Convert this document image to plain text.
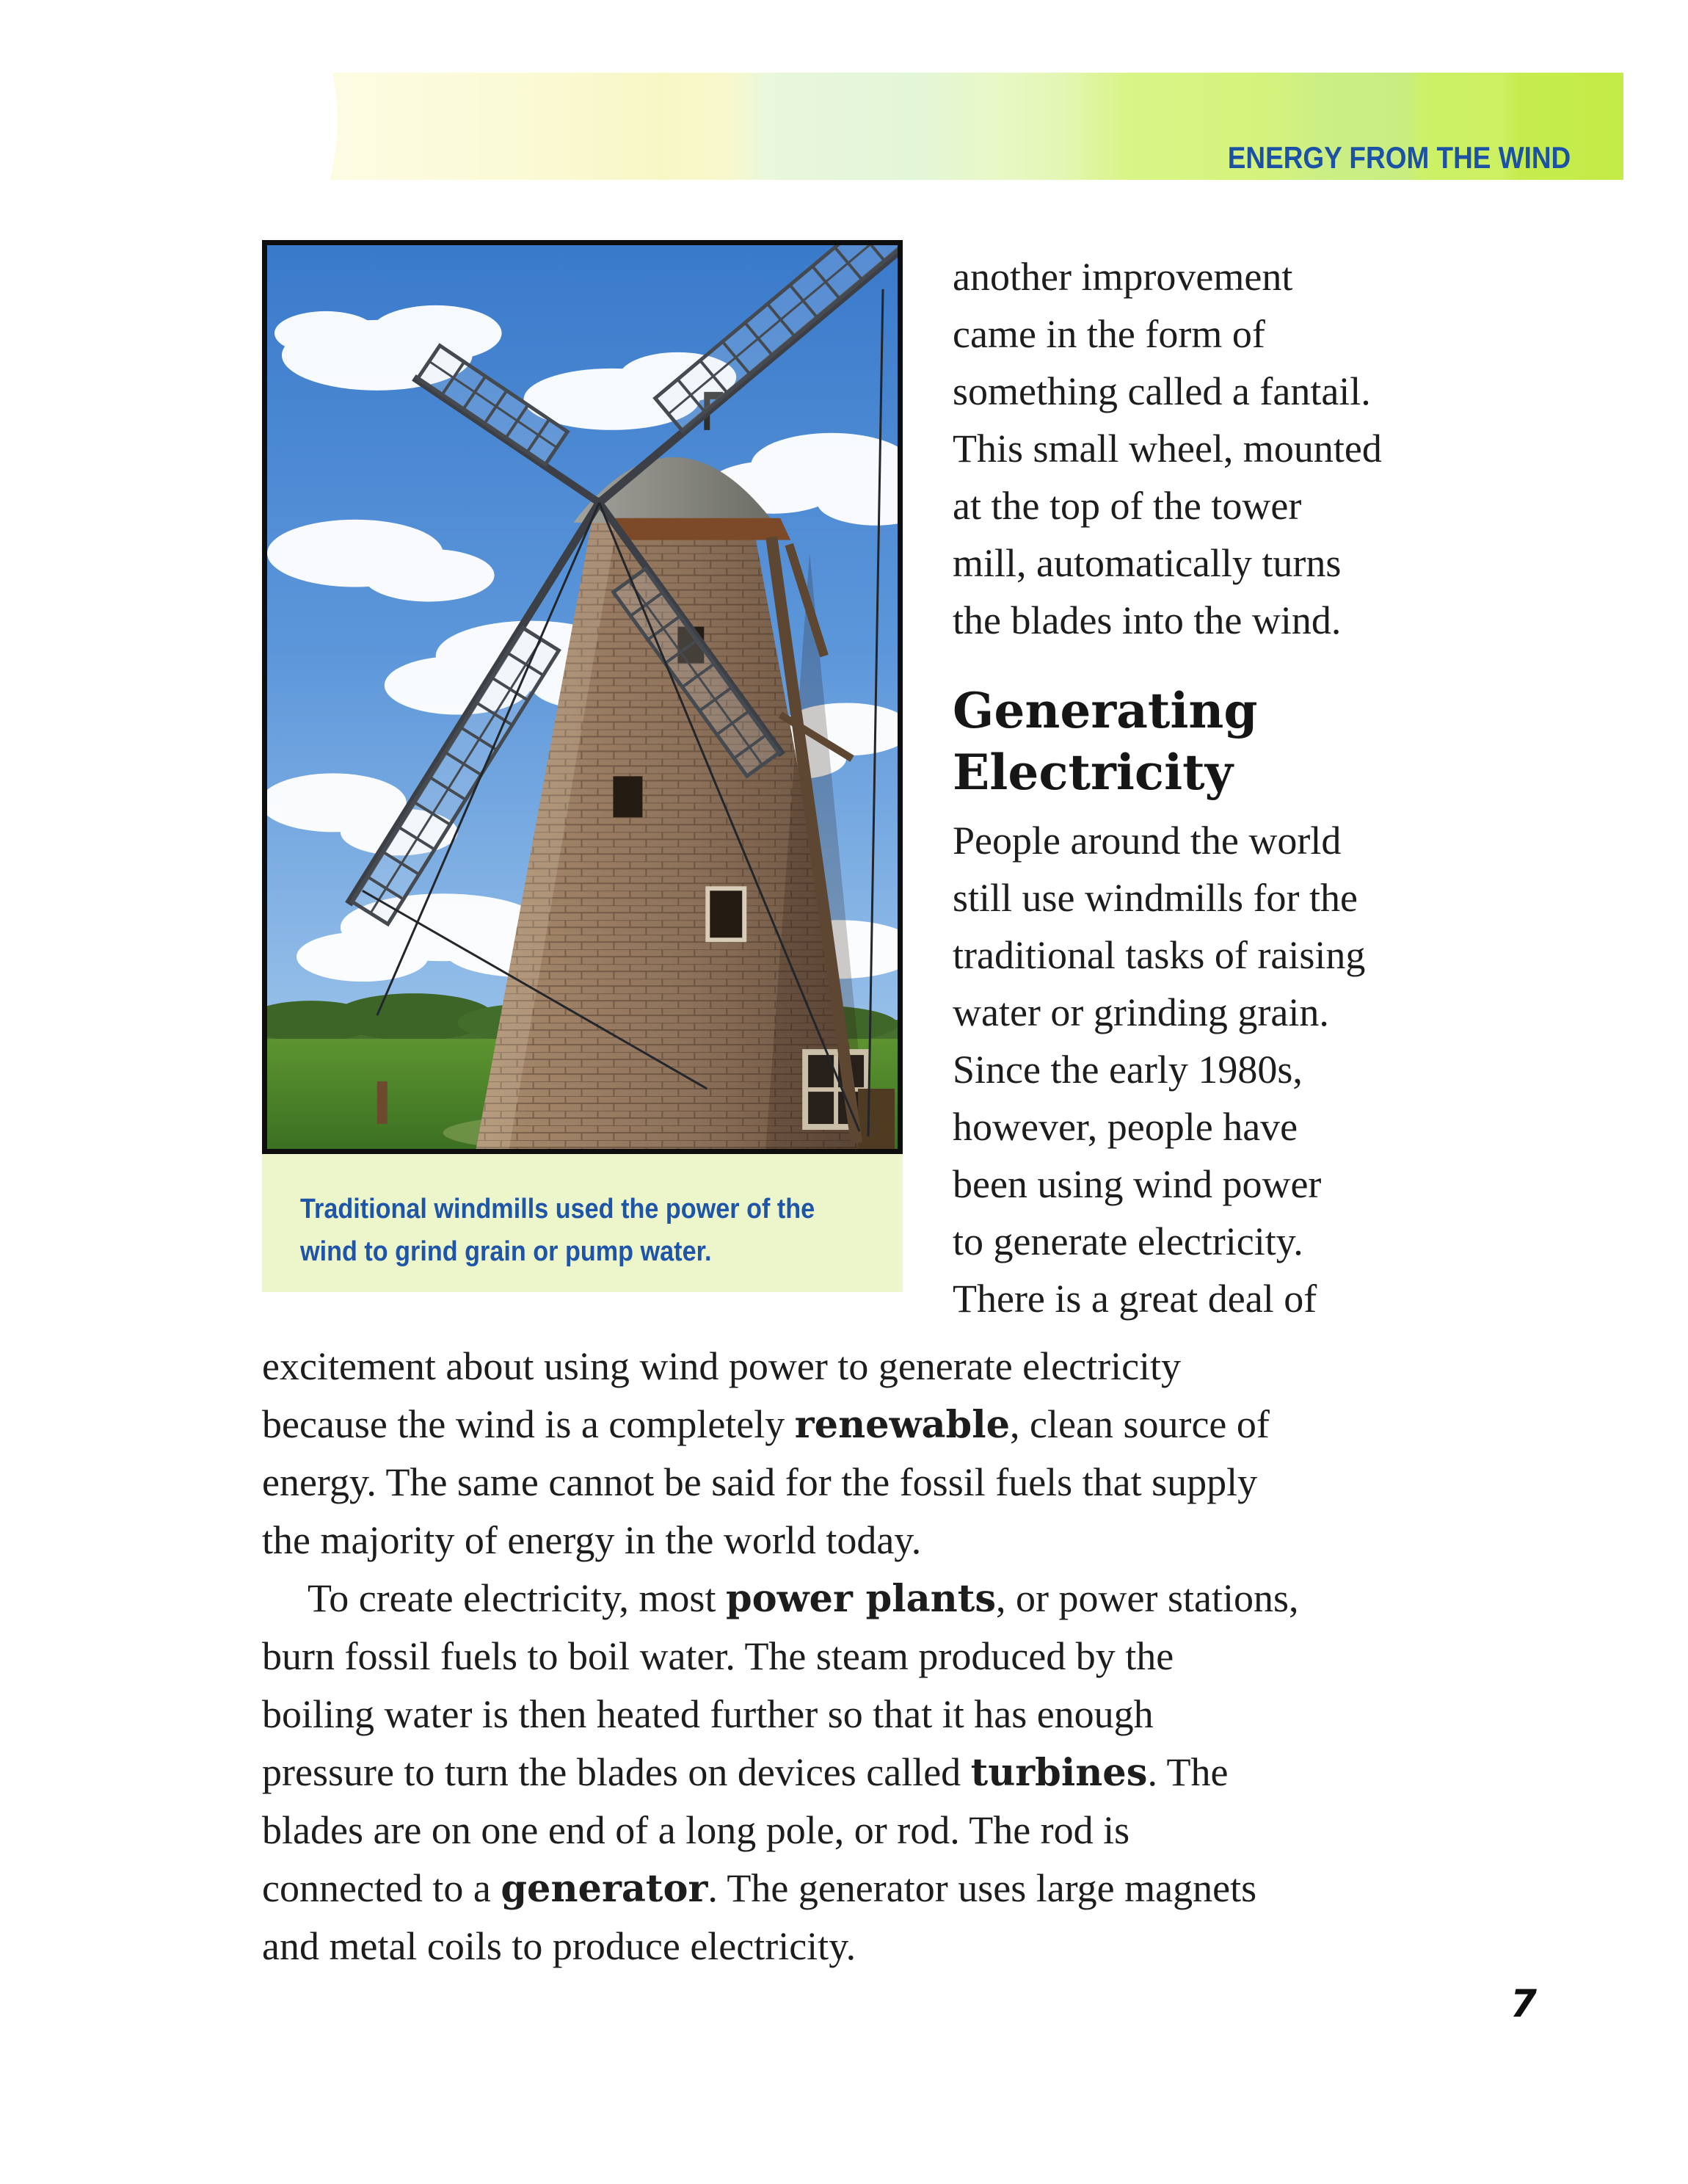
ENERGY FROM THE WIND
Traditional windmills used the power of the
wind to grind grain or pump water.
another improvement
came in the form of
something called a fantail.
This small wheel, mounted
at the top of the tower
mill, automatically turns
the blades into the wind.
Generating
Electricity
People around the world
still use windmills for the
traditional tasks of raising
water or grinding grain.
Since the early 1980s,
however, people have
been using wind power
to generate electricity.
There is a great deal of
excitement about using wind power to generate electricity
because the wind is a completely renewable, clean source of
energy. The same cannot be said for the fossil fuels that supply
the majority of energy in the world today.
To create electricity, most power plants, or power stations,
burn fossil fuels to boil water. The steam produced by the
boiling water is then heated further so that it has enough
pressure to turn the blades on devices called turbines. The
blades are on one end of a long pole, or rod. The rod is
connected to a generator. The generator uses large magnets
and metal coils to produce electricity.
7
